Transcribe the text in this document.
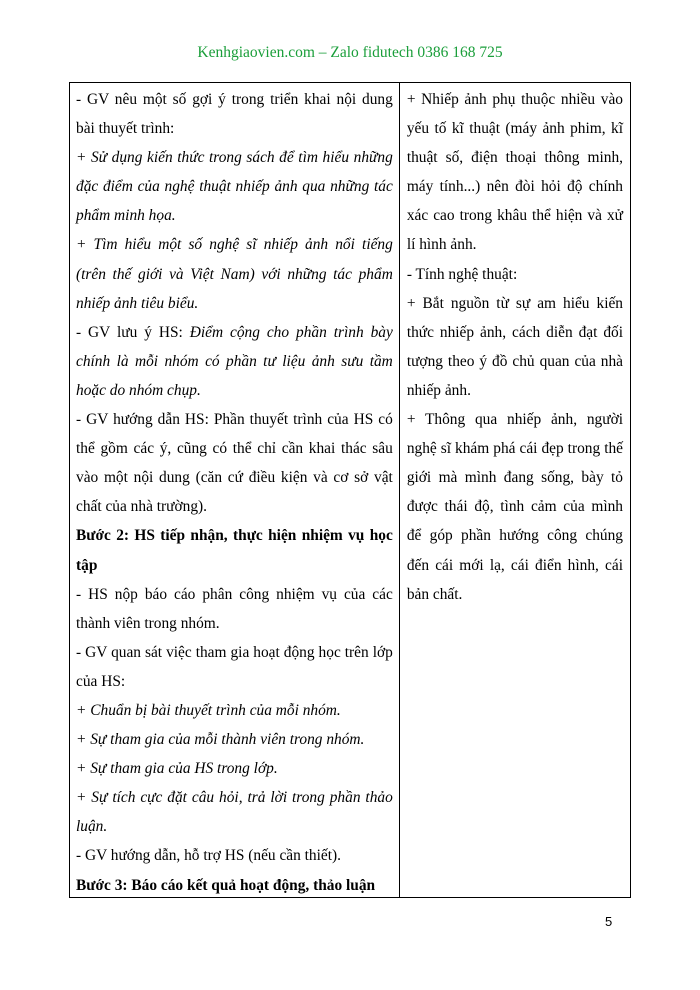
Kenhgiaovien.com – Zalo fidutech 0386 168 725

- GV nêu một số gợi ý trong triển khai nội dung bài thuyết trình:

+ Sử dụng kiến thức trong sách để tìm hiểu những đặc điểm của nghệ thuật nhiếp ảnh qua những tác phẩm minh họa.

+ Tìm hiểu một số nghệ sĩ nhiếp ảnh nổi tiếng (trên thế giới và Việt Nam) với những tác phẩm nhiếp ảnh tiêu biểu.

- GV lưu ý HS: Điểm cộng cho phần trình bày chính là mỗi nhóm có phần tư liệu ảnh sưu tầm hoặc do nhóm chụp.

- GV hướng dẫn HS: Phần thuyết trình của HS có thể gồm các ý, cũng có thể chỉ cần khai thác sâu vào một nội dung (căn cứ điều kiện và cơ sở vật chất của nhà trường).

Bước 2: HS tiếp nhận, thực hiện nhiệm vụ học tập

- HS nộp báo cáo phân công nhiệm vụ của các thành viên trong nhóm.

- GV quan sát việc tham gia hoạt động học trên lớp của HS:

+ Chuẩn bị bài thuyết trình của mỗi nhóm.

+ Sự tham gia của mỗi thành viên trong nhóm.

+ Sự tham gia của HS trong lớp.

+ Sự tích cực đặt câu hỏi, trả lời trong phần thảo luận.

- GV hướng dẫn, hỗ trợ HS (nếu cần thiết).

Bước 3: Báo cáo kết quả hoạt động, thảo luận

+ Nhiếp ảnh phụ thuộc nhiều vào yếu tố kĩ thuật (máy ảnh phim, kĩ thuật số, điện thoại thông minh, máy tính...) nên đòi hỏi độ chính xác cao trong khâu thể hiện và xử lí hình ảnh.

- Tính nghệ thuật:

+ Bắt nguồn từ sự am hiểu kiến thức nhiếp ảnh, cách diễn đạt đối tượng theo ý đồ chủ quan của nhà nhiếp ảnh.

+ Thông qua nhiếp ảnh, người nghệ sĩ khám phá cái đẹp trong thế giới mà mình đang sống, bày tỏ được thái độ, tình cảm của mình để góp phần hướng công chúng đến cái mới lạ, cái điển hình, cái bản chất.

5
